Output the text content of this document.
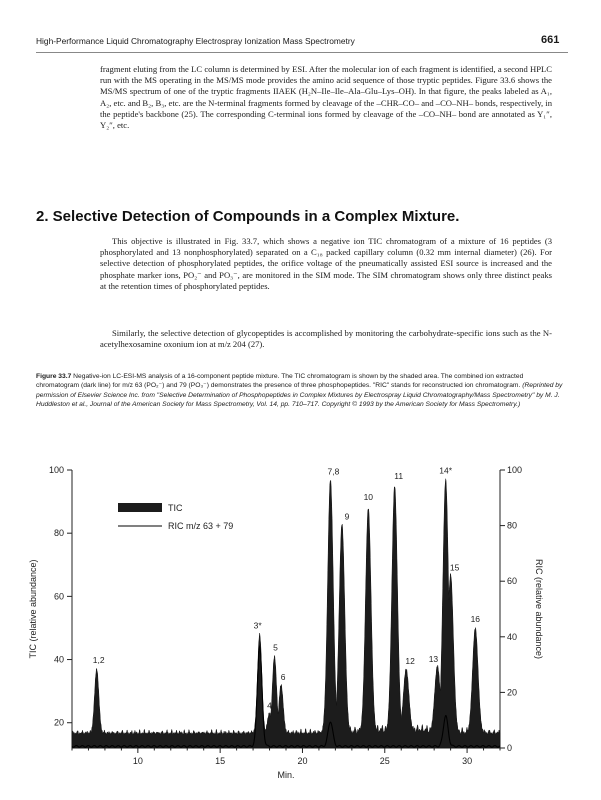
High-Performance Liquid Chromatography Electrospray Ionization Mass Spectrometry	661

fragment eluting from the LC column is determined by ESI. After the molecular ion of each fragment is identified, a second HPLC run with the MS operating in the MS/MS mode provides the amino acid sequence of those tryptic peptides. Figure 33.6 shows the MS/MS spectrum of one of the tryptic fragments IIAEK (H₂N–Ile–Ile–Ala–Glu–Lys–OH). In that figure, the peaks labeled as A₁, A₂, etc. and B₂, B₃, etc. are the N-terminal fragments formed by cleavage of the –CHR–CO– and –CO–NH– bonds, respectively, in the peptide's backbone (25). The corresponding C-terminal ions formed by cleavage of the –CO–NH– bond are annotated as Y₁″, Y₂″, etc.

2. Selective Detection of Compounds in a Complex Mixture.

This objective is illustrated in Fig. 33.7, which shows a negative ion TIC chromatogram of a mixture of 16 peptides (3 phosphorylated and 13 nonphosphorylated) separated on a C₁₈ packed capillary column (0.32 mm internal diameter) (26). For selective detection of phosphorylated peptides, the orifice voltage of the pneumatically assisted ESI source is increased and the phosphate marker ions, PO₂⁻ and PO₃⁻, are monitored in the SIM mode. The SIM chromatogram shows only three distinct peaks at the retention times of phosphorylated peptides.

Similarly, the selective detection of glycopeptides is accomplished by monitoring the carbohydrate-specific ions such as the N-acetylhexosamine oxonium ion at m/z 204 (27).

Figure 33.7 Negative-ion LC-ESI-MS analysis of a 16-component peptide mixture. The TIC chromatogram is shown by the shaded area. The combined ion extracted chromatogram (dark line) for m/z 63 (PO₂⁻) and 79 (PO₃⁻) demonstrates the presence of three phosphopeptides. "RIC" stands for reconstructed ion chromatogram. (Reprinted by permission of Elsevier Science Inc. from "Selective Determination of Phosphopeptides in Complex Mixtures by Electrospray Liquid Chromatography/Mass Spectrometry" by M. J. Huddleston et al., Journal of the American Society for Mass Spectrometry, Vol. 14, pp. 710–717. Copyright © 1993 by the American Society for Mass Spectrometry.)
10	15	20	25	30
20
40
60
80
100
0
20
40
60
80
100
1,2
3*
4
5
6
7,8
9
10
11
12 13
14*
15
16
TIC
RIC m/z 63 + 79
Min.
TIC (relative abundance)	RIC (relative abundance)
